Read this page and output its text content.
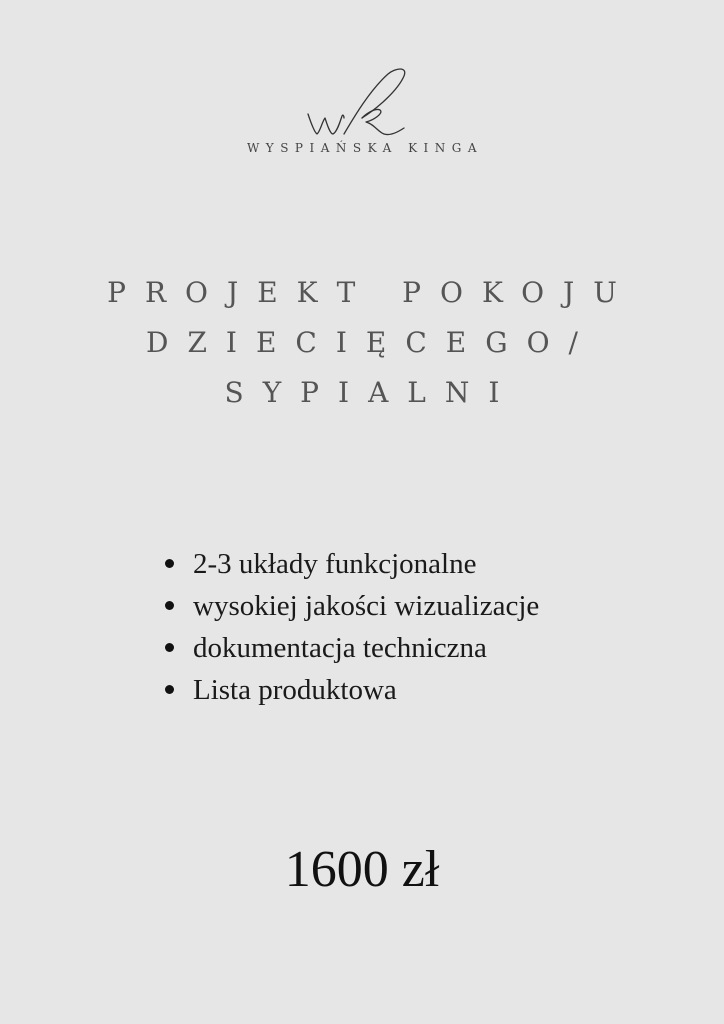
WYSPIAŃSKA KINGA
PROJEKT POKOJU
DZIECIĘCEGO/
SYPIALNI
2-3 układy funkcjonalne
wysokiej jakości wizualizacje
dokumentacja techniczna
Lista produktowa
1600 zł
